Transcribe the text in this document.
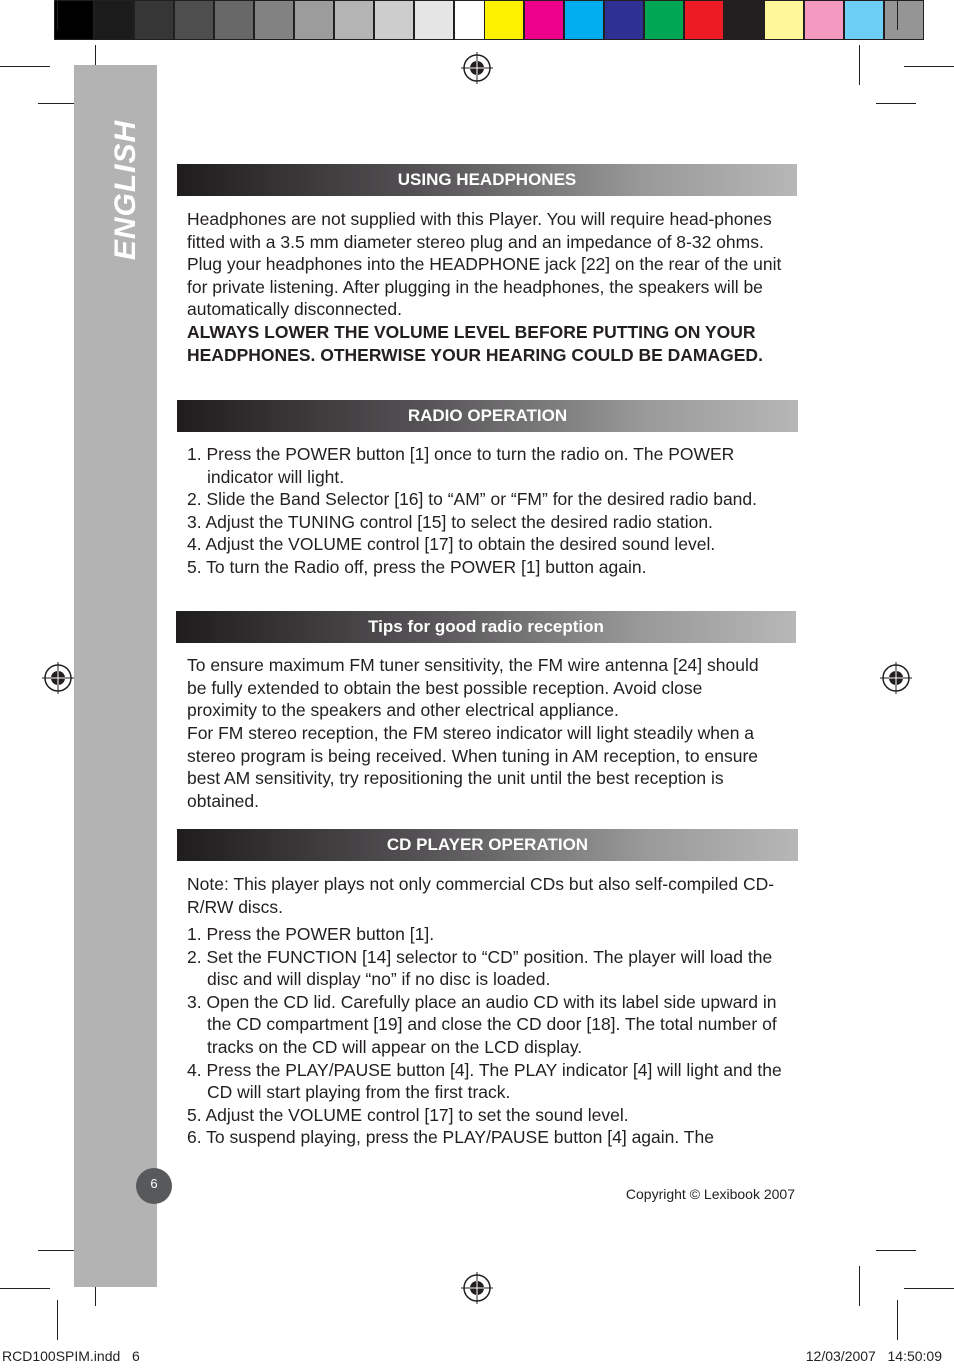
ENGLISH	USING HEADPHONES

Headphones are not supplied with this Player. You will require head-phones fitted with a 3.5 mm diameter stereo plug and an impedance of 8-32 ohms. Plug your headphones into the HEADPHONE jack [22] on the rear of the unit for private listening. After plugging in the headphones, the speakers will be automatically disconnected.

ALWAYS LOWER THE VOLUME LEVEL BEFORE PUTTING ON YOUR HEADPHONES. OTHERWISE YOUR HEARING COULD BE DAMAGED.

RADIO OPERATION
1. Press the POWER button [1] once to turn the radio on. The POWER indicator will light.
2. Slide the Band Selector [16] to “AM” or “FM” for the desired radio band.
3. Adjust the TUNING control [15] to select the desired radio station.
4. Adjust the VOLUME control [17] to obtain the desired sound level.
5. To turn the Radio off, press the POWER [1] button again.
Tips for good radio reception

To ensure maximum FM tuner sensitivity, the FM wire antenna [24] should be fully extended to obtain the best possible reception. Avoid close proximity to the speakers and other electrical appliance.

For FM stereo reception, the FM stereo indicator will light steadily when a stereo program is being received. When tuning in AM reception, to ensure best AM sensitivity, try repositioning the unit until the best reception is obtained.

CD PLAYER OPERATION

Note: This player plays not only commercial CDs but also self-compiled CD-R/RW discs.

1. Press the POWER button [1].
2. Set the FUNCTION [14] selector to “CD” position. The player will load the disc and will display “no” if no disc is loaded.
3. Open the CD lid. Carefully place an audio CD with its label side upward in the CD compartment [19] and close the CD door [18]. The total number of tracks on the CD will appear on the LCD display.
4. Press the PLAY/PAUSE button [4]. The PLAY indicator [4] will light and the CD will start playing from the first track.
5. Adjust the VOLUME control [17] to set the sound level.
6. To suspend playing, press the PLAY/PAUSE button [4] again. The
6
Copyright © Lexibook 2007
RCD100SPIM.indd   6	12/03/2007   14:50:09
